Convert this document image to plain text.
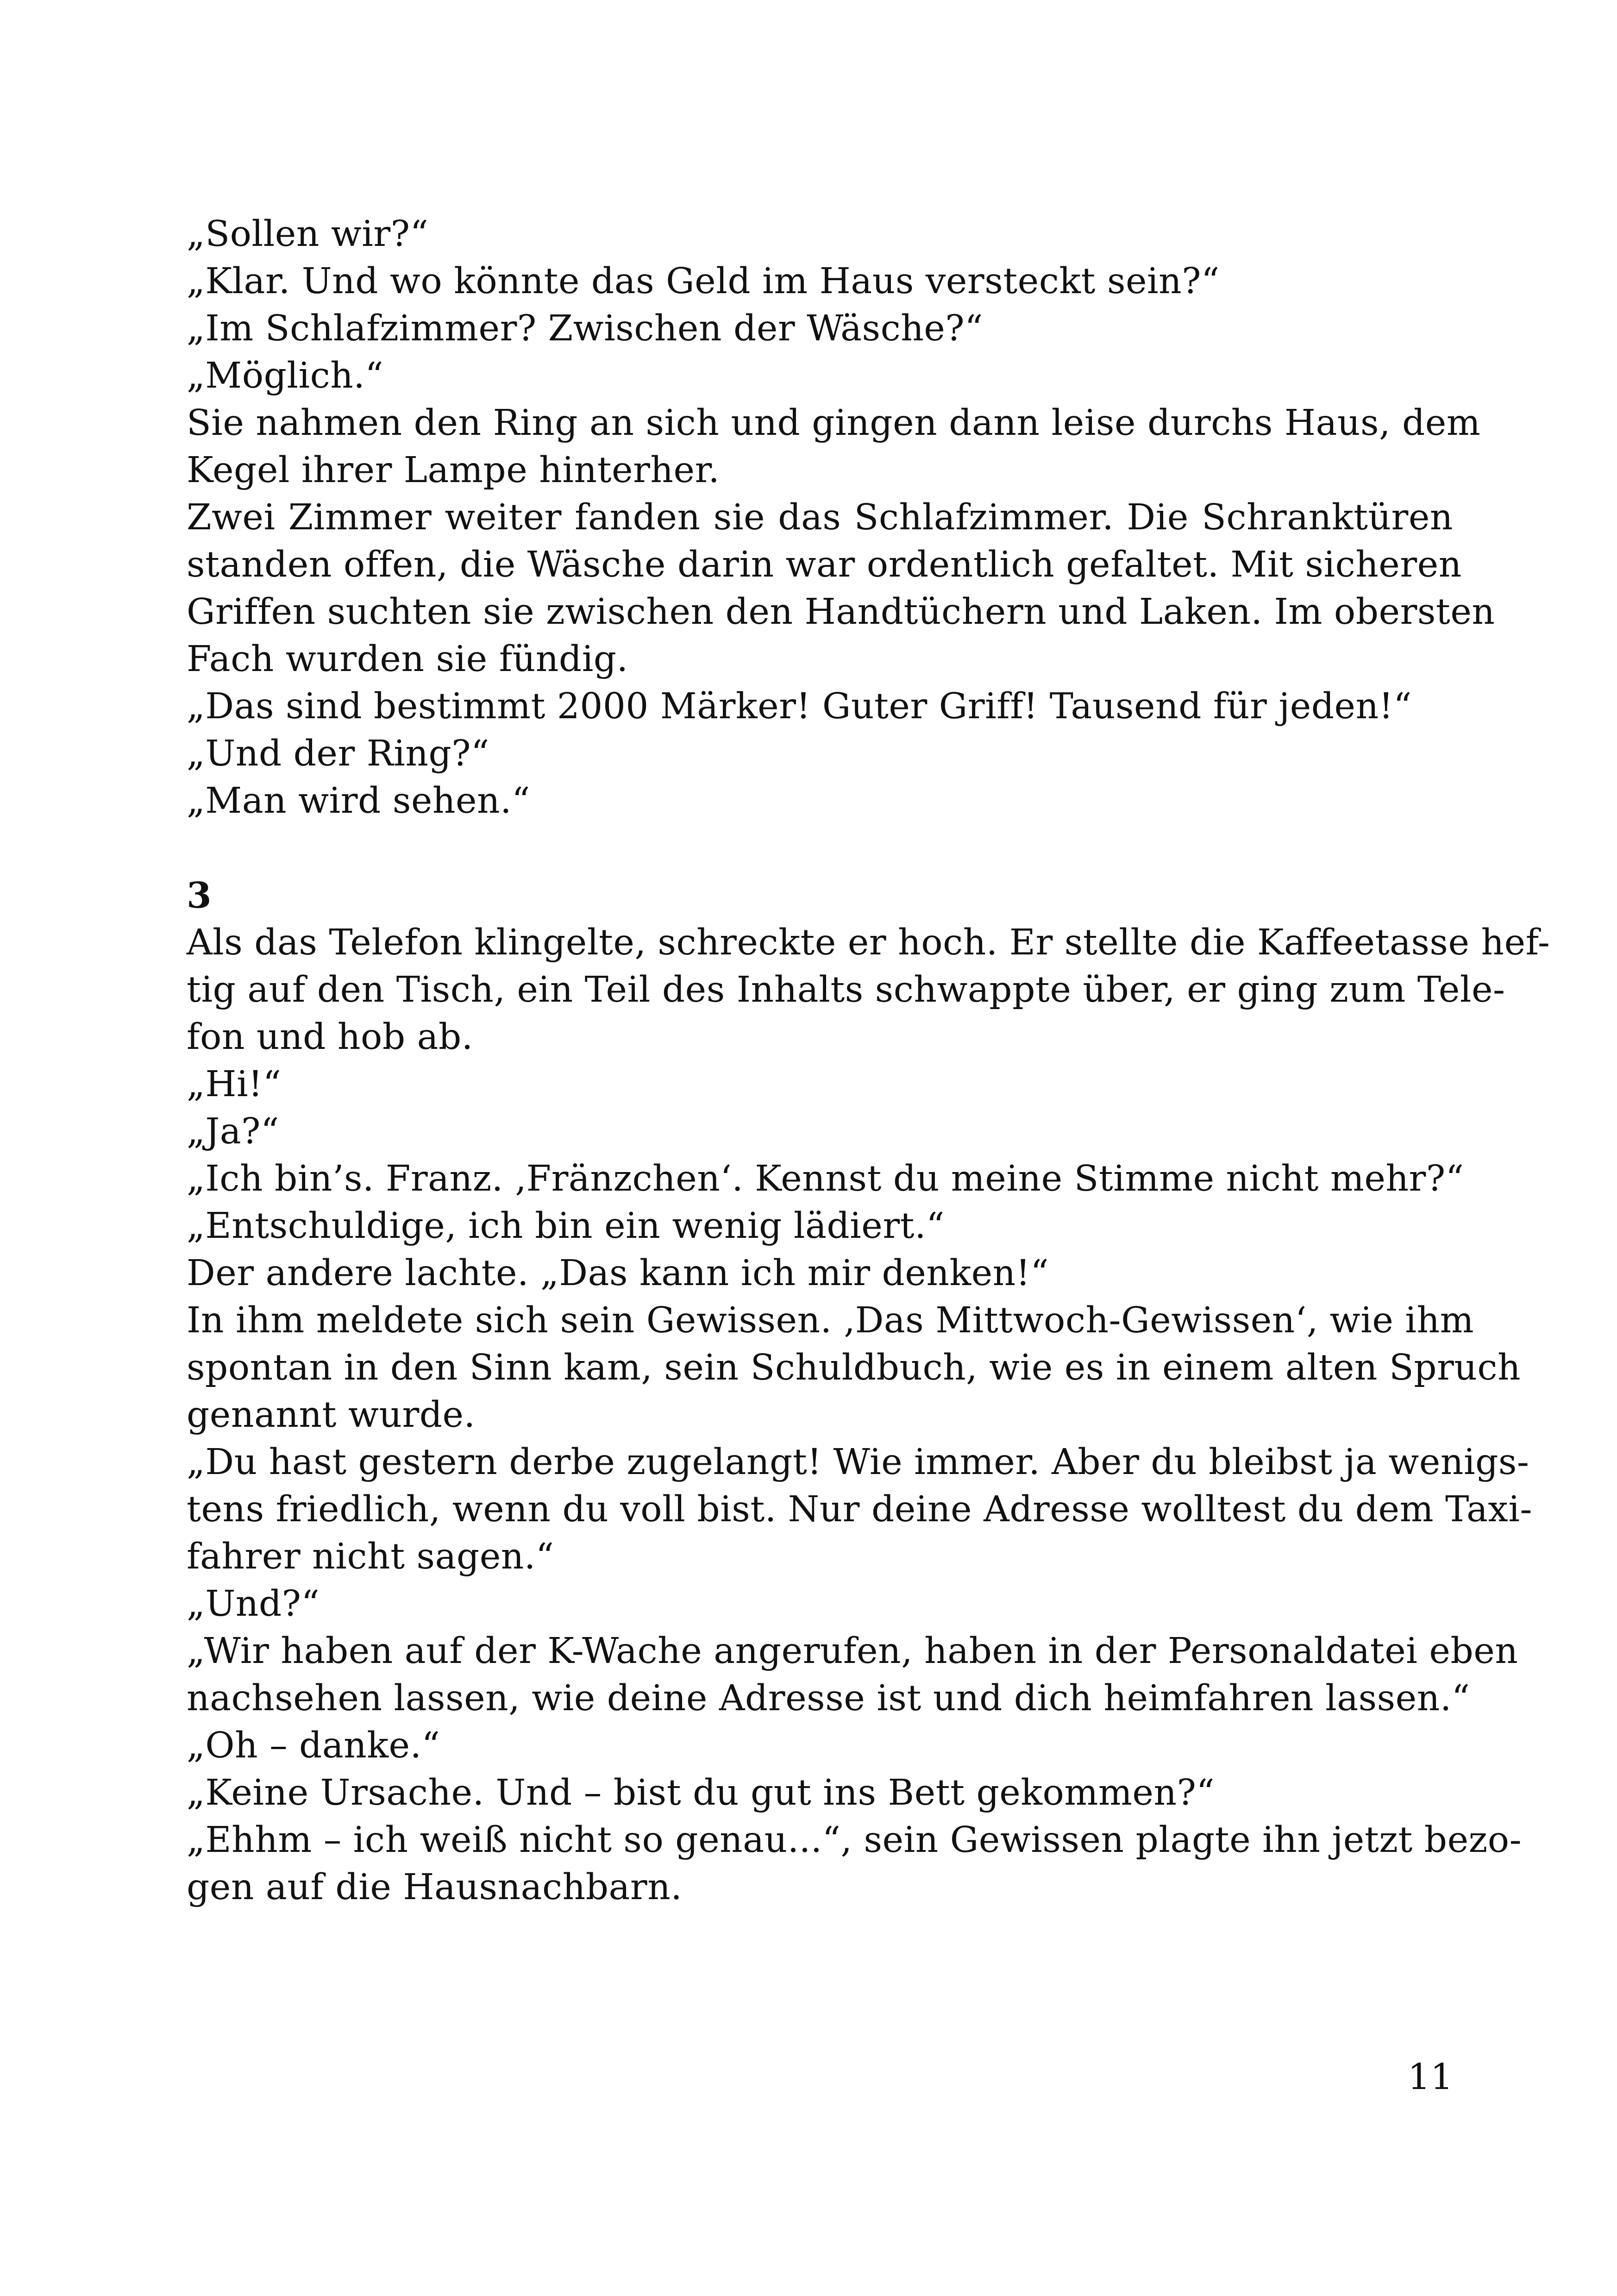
„Sollen wir?“
„Klar. Und wo könnte das Geld im Haus versteckt sein?“
„Im Schlafzimmer? Zwischen der Wäsche?“
„Möglich.“
Sie nahmen den Ring an sich und gingen dann leise durchs Haus, dem
Kegel ihrer Lampe hinterher.
Zwei Zimmer weiter fanden sie das Schlafzimmer. Die Schranktüren
standen offen, die Wäsche darin war ordentlich gefaltet. Mit sicheren
Griffen suchten sie zwischen den Handtüchern und Laken. Im obersten
Fach wurden sie fündig.
„Das sind bestimmt 2000 Märker! Guter Griff! Tausend für jeden!“
„Und der Ring?“
„Man wird sehen.“
3
Als das Telefon klingelte, schreckte er hoch. Er stellte die Kaffeetasse hef-
tig auf den Tisch, ein Teil des Inhalts schwappte über, er ging zum Tele-
fon und hob ab.
„Hi!“
„Ja?“
„Ich bin’s. Franz. ‚Fränzchen‘. Kennst du meine Stimme nicht mehr?“
„Entschuldige, ich bin ein wenig lädiert.“
Der andere lachte. „Das kann ich mir denken!“
In ihm meldete sich sein Gewissen. ‚Das Mittwoch-Gewissen‘, wie ihm
spontan in den Sinn kam, sein Schuldbuch, wie es in einem alten Spruch
genannt wurde.
„Du hast gestern derbe zugelangt! Wie immer. Aber du bleibst ja wenigs-
tens friedlich, wenn du voll bist. Nur deine Adresse wolltest du dem Taxi-
fahrer nicht sagen.“
„Und?“
„Wir haben auf der K-Wache angerufen, haben in der Personaldatei eben
nachsehen lassen, wie deine Adresse ist und dich heimfahren lassen.“
„Oh – danke.“
„Keine Ursache. Und – bist du gut ins Bett gekommen?“
„Ehhm – ich weiß nicht so genau...“, sein Gewissen plagte ihn jetzt bezo-
gen auf die Hausnachbarn.
11
